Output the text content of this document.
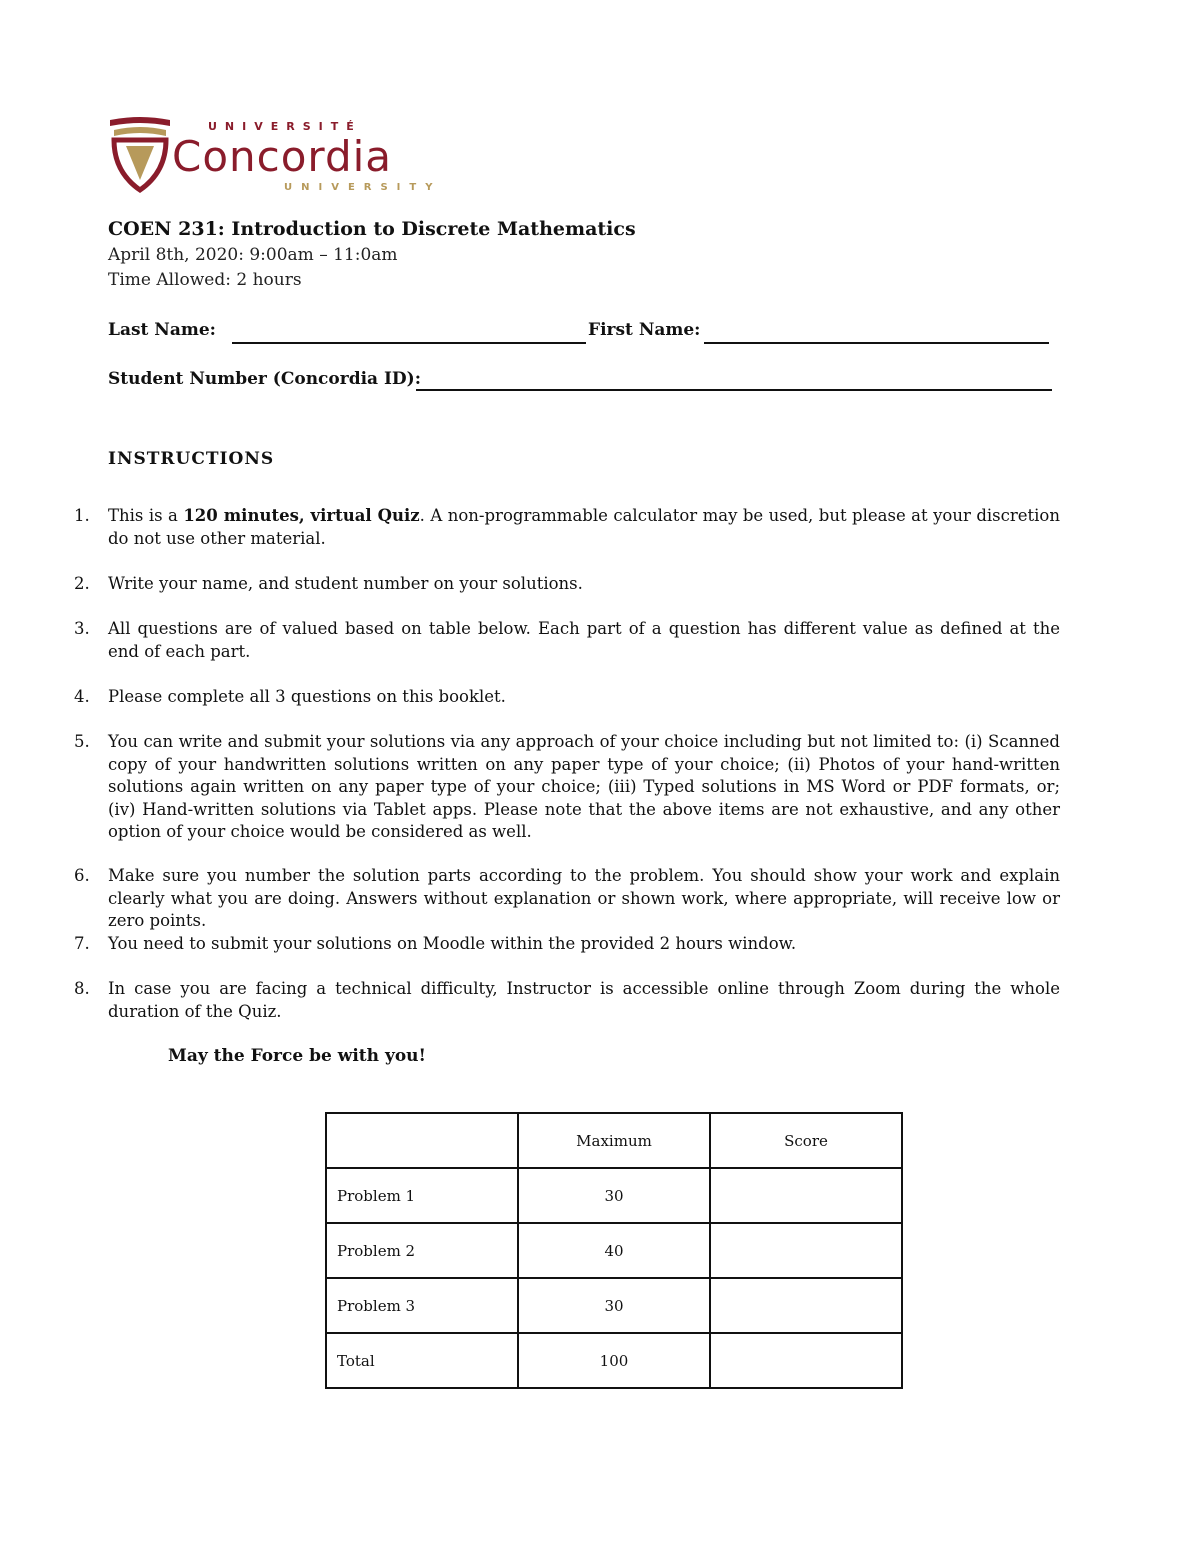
UNIVERSITÉ
Concordia
UNIVERSITY
COEN 231: Introduction to Discrete Mathematics
April 8th, 2020: 9:00am – 11:0am
Time Allowed: 2 hours
Last Name:	First Name:
Student Number (Concordia ID):
INSTRUCTIONS
1.	This is a 120 minutes, virtual Quiz. A non-programmable calculator may be used, but please at your discretion do not use other material.
2.	Write your name, and student number on your solutions.
3.	All questions are of valued based on table below. Each part of a question has different value as defined at the end of each part.
4.	Please complete all 3 questions on this booklet.
5.	You can write and submit your solutions via any approach of your choice including but not limited to: (i) Scanned copy of your handwritten solutions written on any paper type of your choice; (ii) Photos of your hand-written solutions again written on any paper type of your choice; (iii) Typed solutions in MS Word or PDF formats, or; (iv) Hand-written solutions via Tablet apps. Please note that the above items are not exhaustive, and any other option of your choice would be considered as well.
6.	Make sure you number the solution parts according to the problem. You should show your work and explain clearly what you are doing. Answers without explanation or shown work, where appropriate, will receive low or zero points.
7.	You need to submit your solutions on Moodle within the provided 2 hours window.
8.	In case you are facing a technical difficulty, Instructor is accessible online through Zoom during the whole duration of the Quiz.
May the Force be with you!
	Maximum	Score
Problem 1	30	
Problem 2	40	
Problem 3	30	
Total	100	
